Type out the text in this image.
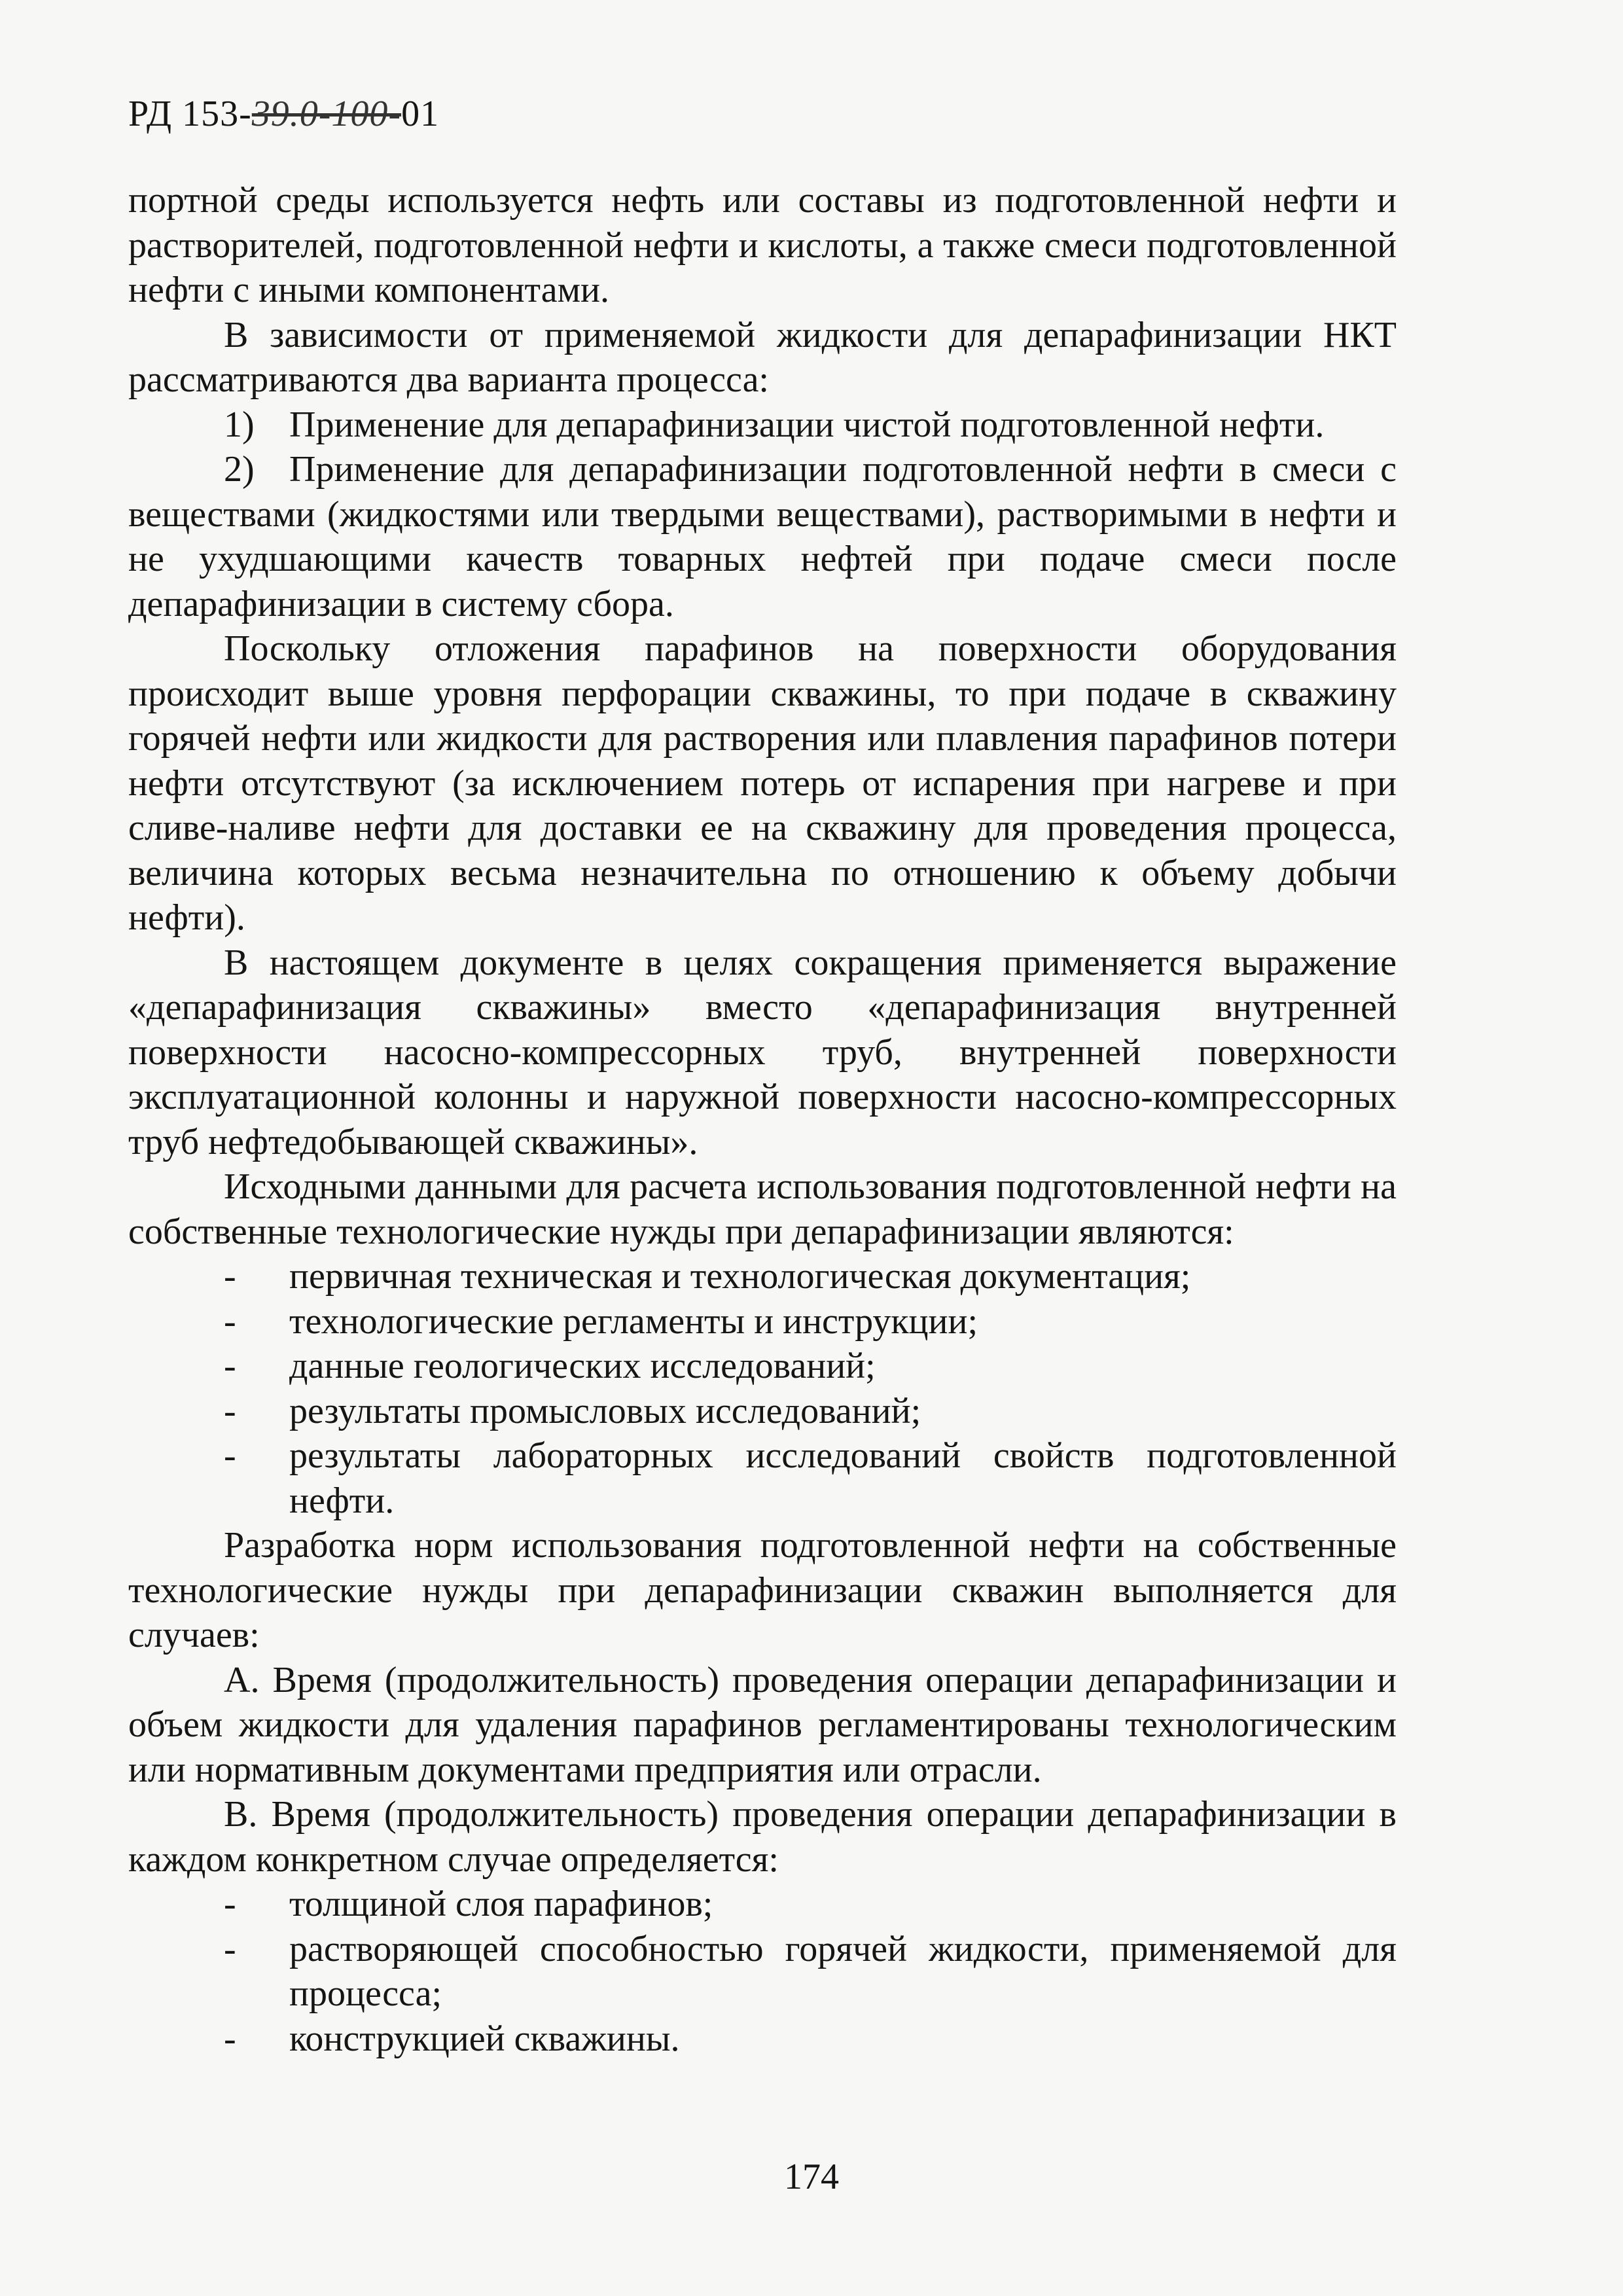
РД 153-39.0-100-01

портной среды используется нефть или составы из подготовленной нефти и растворителей, подготовленной нефти и кислоты, а также смеси подготовленной нефти с иными компонентами.

В зависимости от применяемой жидкости для депарафинизации НКТ рассматриваются два варианта процесса:

1) Применение для депарафинизации чистой подготовленной нефти.

2) Применение для депарафинизации подготовленной нефти в смеси с веществами (жидкостями или твердыми веществами), растворимыми в нефти и не ухудшающими качеств товарных нефтей при подаче смеси после депарафинизации в систему сбора.

Поскольку отложения парафинов на поверхности оборудования происходит выше уровня перфорации скважины, то при подаче в скважину горячей нефти или жидкости для растворения или плавления парафинов потери нефти отсутствуют (за исключением потерь от испарения при нагреве и при сливе-наливе нефти для доставки ее на скважину для проведения процесса, величина которых весьма незначительна по отношению к объему добычи нефти).

В настоящем документе в целях сокращения применяется выражение «депарафинизация скважины» вместо «депарафинизация внутренней поверхности насосно-компрессорных труб, внутренней поверхности эксплуатационной колонны и наружной поверхности насосно-компрессорных труб нефтедобывающей скважины».

Исходными данными для расчета использования подготовленной нефти на собственные технологические нужды при депарафинизации являются:

- первичная техническая и технологическая документация;

- технологические регламенты и инструкции;

- данные геологических исследований;

- результаты промысловых исследований;

- результаты лабораторных исследований свойств подготовленной нефти.

Разработка норм использования подготовленной нефти на собственные технологические нужды при депарафинизации скважин выполняется для случаев:

А. Время (продолжительность) проведения операции депарафинизации и объем жидкости для удаления парафинов регламентированы технологическим или нормативным документами предприятия или отрасли.

В. Время (продолжительность) проведения операции депарафинизации в каждом конкретном случае определяется:

- толщиной слоя парафинов;

- растворяющей способностью горячей жидкости, применяемой для процесса;

- конструкцией скважины.

174
